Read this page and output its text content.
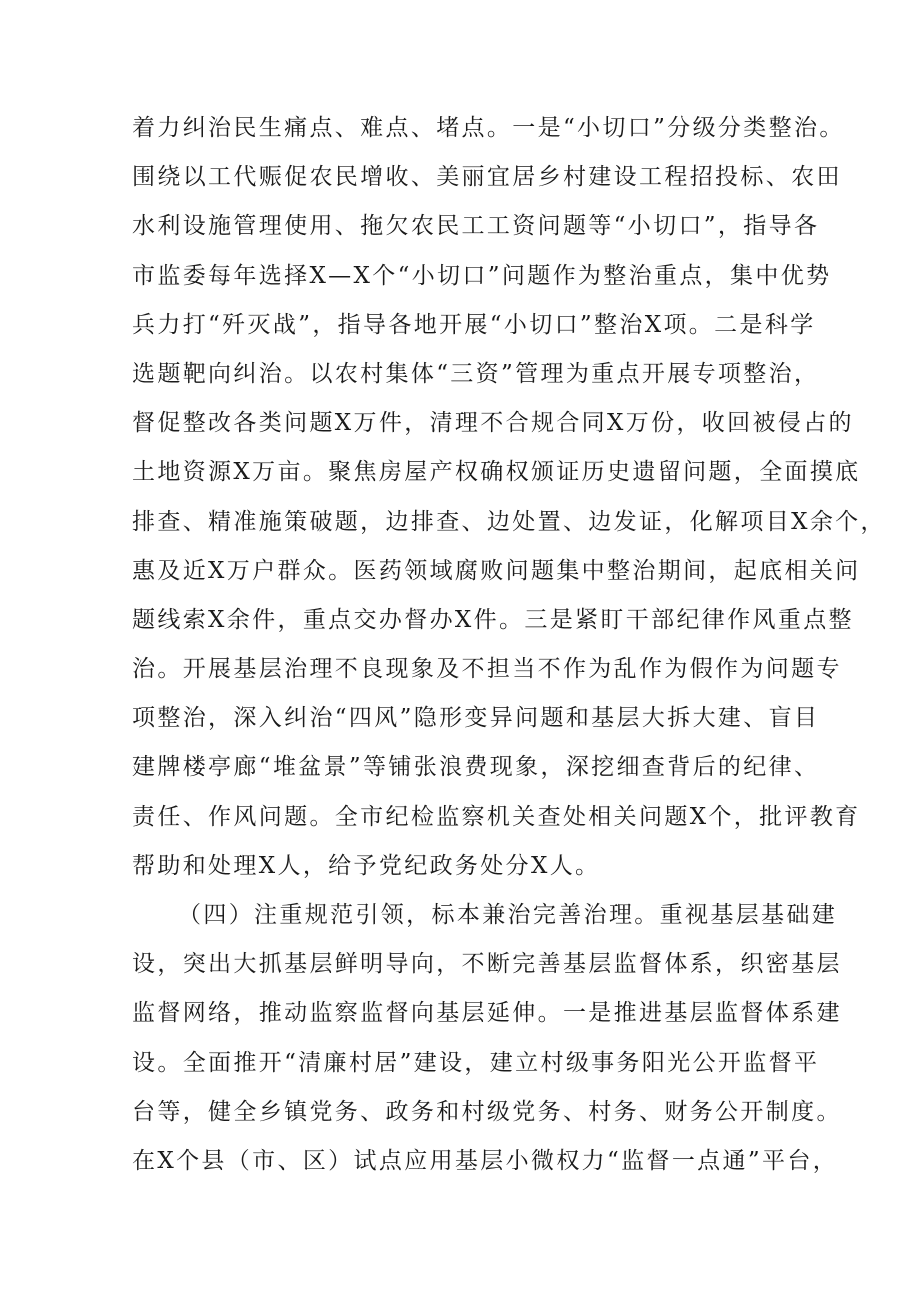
着力纠治民生痛点、难点、堵点。一是“小切口”分级分类整治。
围绕以工代赈促农民增收、美丽宜居乡村建设工程招投标、农田
水利设施管理使用、拖欠农民工工资问题等“小切口”，指导各
市监委每年选择X—X个“小切口”问题作为整治重点，集中优势
兵力打“歼灭战”，指导各地开展“小切口”整治X项。二是科学
选题靶向纠治。以农村集体“三资”管理为重点开展专项整治，
督促整改各类问题X万件，清理不合规合同X万份，收回被侵占的
土地资源X万亩。聚焦房屋产权确权颁证历史遗留问题，全面摸底
排查、精准施策破题，边排查、边处置、边发证，化解项目X余个，
惠及近X万户群众。医药领域腐败问题集中整治期间，起底相关问
题线索X余件，重点交办督办X件。三是紧盯干部纪律作风重点整
治。开展基层治理不良现象及不担当不作为乱作为假作为问题专
项整治，深入纠治“四风”隐形变异问题和基层大拆大建、盲目
建牌楼亭廊“堆盆景”等铺张浪费现象，深挖细查背后的纪律、
责任、作风问题。全市纪检监察机关查处相关问题X个，批评教育
帮助和处理X人，给予党纪政务处分X人。
（四）注重规范引领，标本兼治完善治理。重视基层基础建
设，突出大抓基层鲜明导向，不断完善基层监督体系，织密基层
监督网络，推动监察监督向基层延伸。一是推进基层监督体系建
设。全面推开“清廉村居”建设，建立村级事务阳光公开监督平
台等，健全乡镇党务、政务和村级党务、村务、财务公开制度。
在X个县（市、区）试点应用基层小微权力“监督一点通”平台，
